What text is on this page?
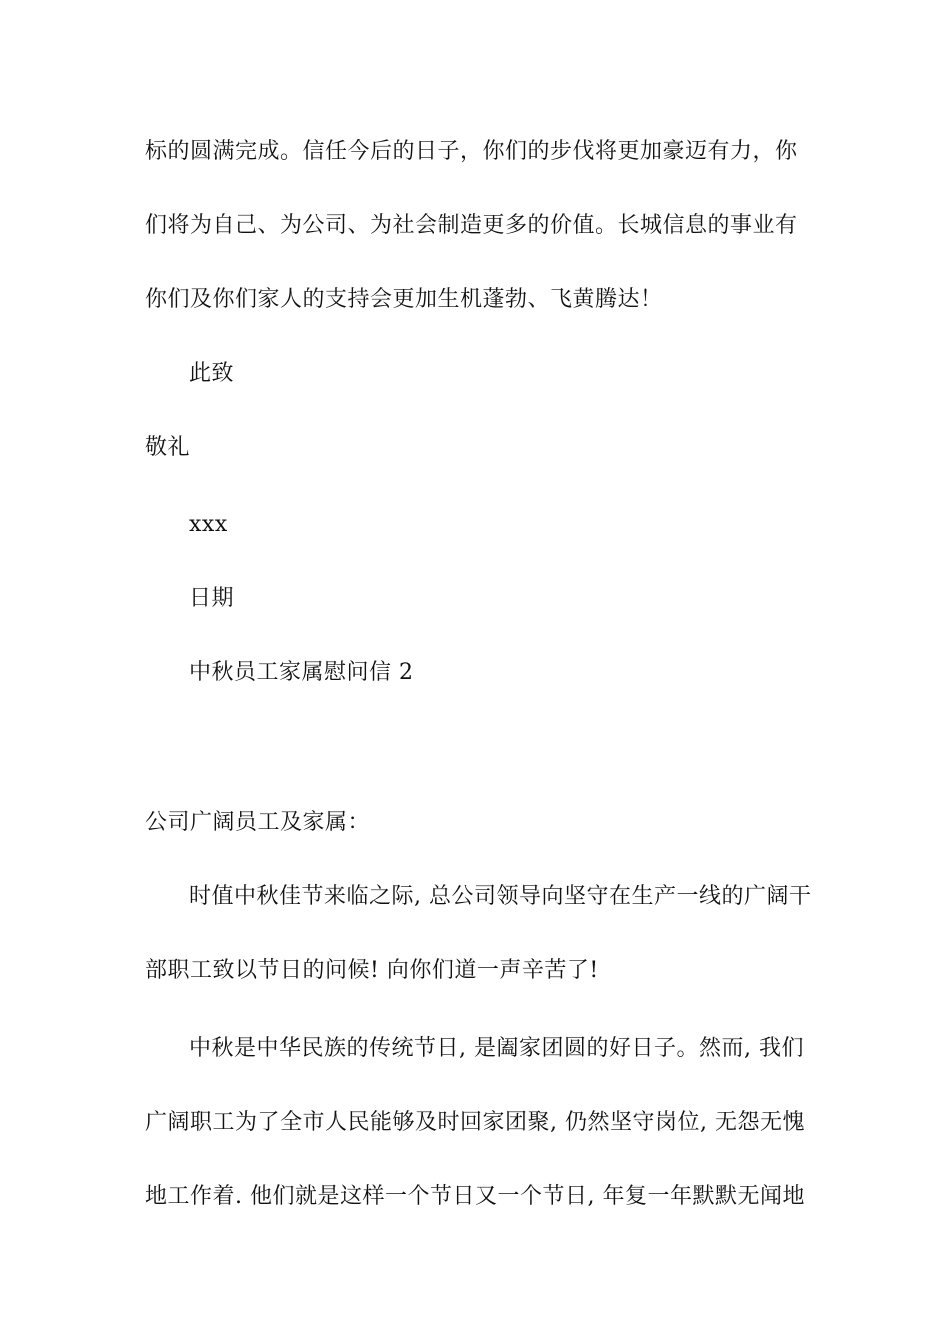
标的圆满完成。信任今后的日子，你们的步伐将更加豪迈有力，你
们将为自己、为公司、为社会制造更多的价值。长城信息的事业有
你们及你们家人的支持会更加生机蓬勃、飞黄腾达！
此致
敬礼
xxx
日期
中秋员工家属慰问信 2
公司广阔员工及家属：
时值中秋佳节来临之际, 总公司领导向坚守在生产一线的广阔干
部职工致以节日的问候! 向你们道一声辛苦了!
中秋是中华民族的传统节日, 是阖家团圆的好日子。然而, 我们
广阔职工为了全市人民能够及时回家团聚, 仍然坚守岗位, 无怨无愧
地工作着. 他们就是这样一个节日又一个节日, 年复一年默默无闻地
